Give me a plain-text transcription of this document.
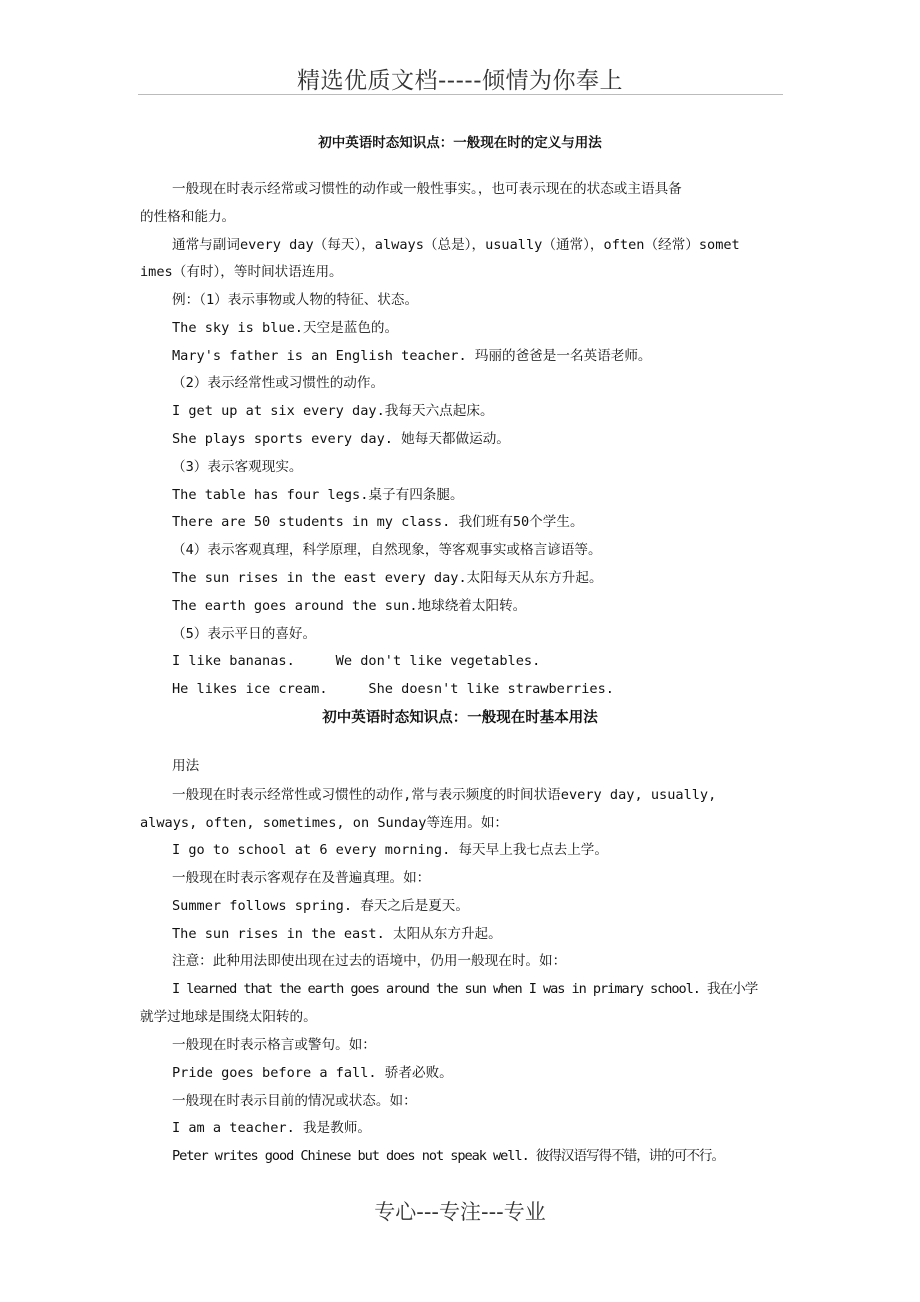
精选优质文档-----倾情为你奉上
初中英语时态知识点：一般现在时的定义与用法
一般现在时表示经常或习惯性的动作或一般性事实。，也可表示现在的状态或主语具备
的性格和能力。
通常与副词every day（每天），always（总是），usually（通常），often（经常）somet
imes（有时），等时间状语连用。
例：（1）表示事物或人物的特征、状态。
The sky is blue.天空是蓝色的。
Mary's father is an English teacher. 玛丽的爸爸是一名英语老师。
（2）表示经常性或习惯性的动作。
I get up at six every day.我每天六点起床。
She plays sports every day. 她每天都做运动。
（3）表示客观现实。
The table has four legs.桌子有四条腿。
There are 50 students in my class. 我们班有50个学生。
（4）表示客观真理，科学原理，自然现象，等客观事实或格言谚语等。
The sun rises in the east every day.太阳每天从东方升起。
The earth goes around the sun.地球绕着太阳转。
（5）表示平日的喜好。
I like bananas.     We don't like vegetables.
He likes ice cream.     She doesn't like strawberries.
初中英语时态知识点：一般现在时基本用法
用法
一般现在时表示经常性或习惯性的动作,常与表示频度的时间状语every day, usually,
always, often, sometimes, on Sunday等连用。如：
I go to school at 6 every morning. 每天早上我七点去上学。
一般现在时表示客观存在及普遍真理。如：
Summer follows spring. 春天之后是夏天。
The sun rises in the east. 太阳从东方升起。
注意：此种用法即使出现在过去的语境中，仍用一般现在时。如：
I learned that the earth goes around the sun when I was in primary school. 我在小学
就学过地球是围绕太阳转的。
一般现在时表示格言或警句。如：
Pride goes before a fall. 骄者必败。
一般现在时表示目前的情况或状态。如：
I am a teacher. 我是教师。
Peter writes good Chinese but does not speak well. 彼得汉语写得不错，讲的可不行。
专心---专注---专业
